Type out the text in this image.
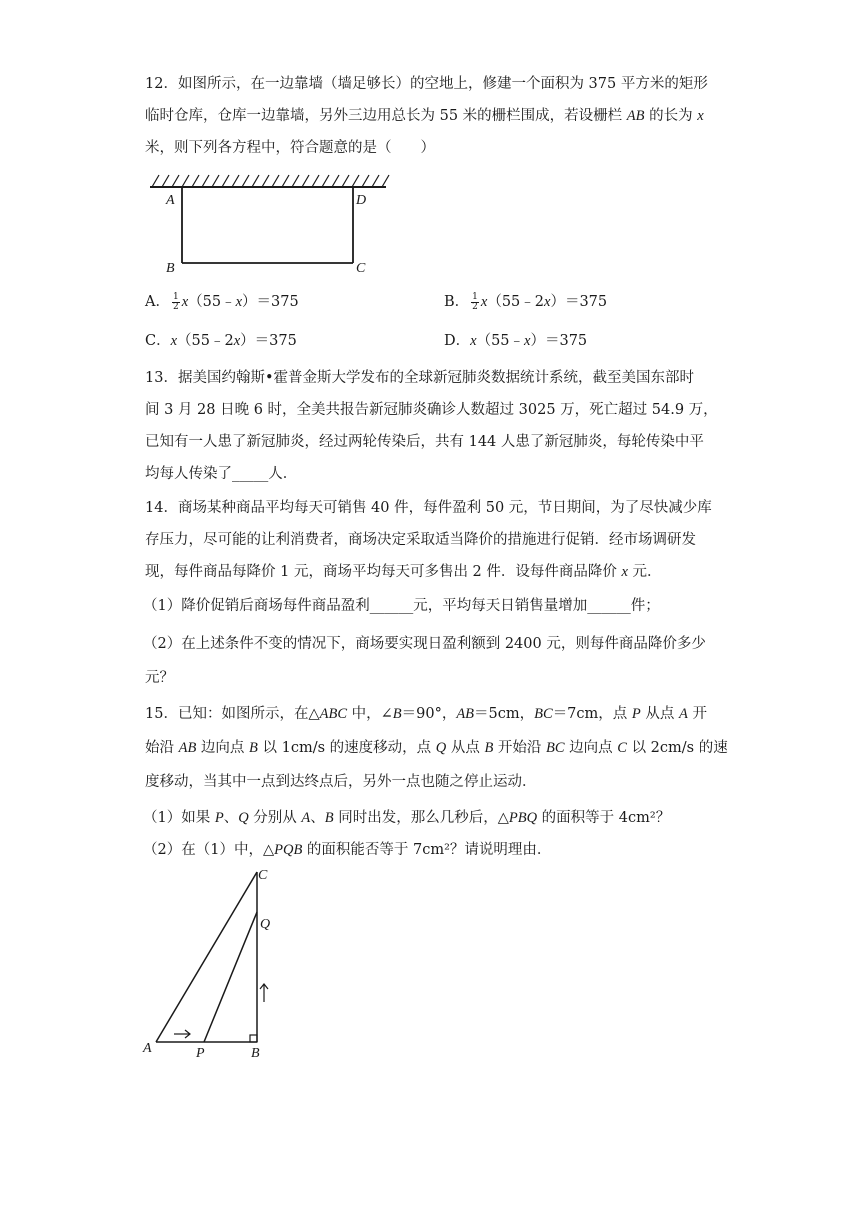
12．如图所示，在一边靠墙（墙足够长）的空地上，修建一个面积为 375 平方米的矩形
临时仓库，仓库一边靠墙，另外三边用总长为 55 米的栅栏围成，若设栅栏 AB 的长为 x
米，则下列各方程中，符合题意的是（　　）
A	D
B	C
A． $\frac{1}{2}$ x（55﹣x）＝375	B． $\frac{1}{2}$ x（55﹣2x）＝375
C．x（55﹣2x）＝375	D．x（55﹣x）＝375
13．据美国约翰斯•霍普金斯大学发布的全球新冠肺炎数据统计系统，截至美国东部时
间 3 月 28 日晚 6 时，全美共报告新冠肺炎确诊人数超过 3025 万，死亡超过 54.9 万，
已知有一人患了新冠肺炎，经过两轮传染后，共有 144 人患了新冠肺炎，每轮传染中平
均每人传染了_____人．
14．商场某种商品平均每天可销售 40 件，每件盈利 50 元，节日期间，为了尽快减少库
存压力，尽可能的让利消费者，商场决定采取适当降价的措施进行促销．经市场调研发
现，每件商品每降价 1 元，商场平均每天可多售出 2 件．设每件商品降价 x 元．
（1）降价促销后商场每件商品盈利______元，平均每天日销售量增加______件；
（2）在上述条件不变的情况下，商场要实现日盈利额到 2400 元，则每件商品降价多少
元？
15．已知：如图所示，在△ABC 中，∠B＝90°，AB＝5cm，BC＝7cm，点 P 从点 A 开
始沿 AB 边向点 B 以 1cm/s 的速度移动，点 Q 从点 B 开始沿 BC 边向点 C 以 2cm/s 的速
度移动，当其中一点到达终点后，另外一点也随之停止运动．
（1）如果 P、Q 分别从 A、B 同时出发，那么几秒后，△PBQ 的面积等于 4cm²？
（2）在（1）中，△PQB 的面积能否等于 7cm²？请说明理由．
C
Q
A	P	B
